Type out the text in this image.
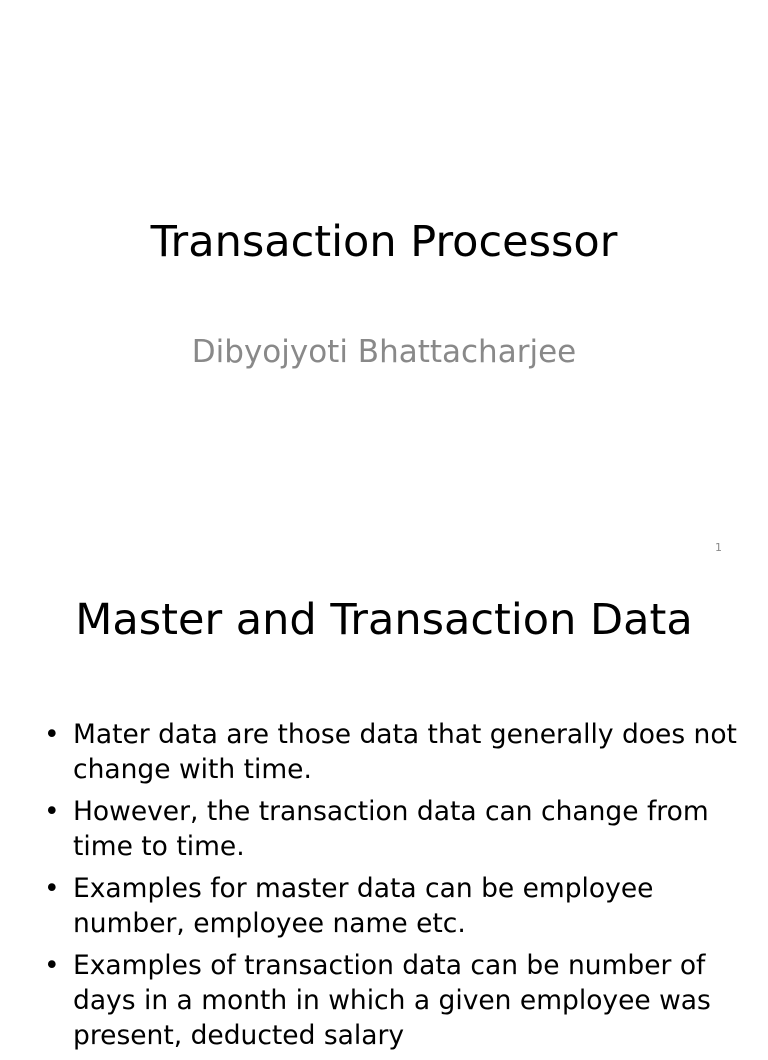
Transaction Processor
Dibyojyoti Bhattacharjee
1
Master and Transaction Data
• Mater data are those data that generally does not change with time.
• However, the transaction data can change from time to time.
• Examples for master data can be employee number, employee name etc.
• Examples of transaction data can be number of days in a month in which a given employee was present, deducted salary
